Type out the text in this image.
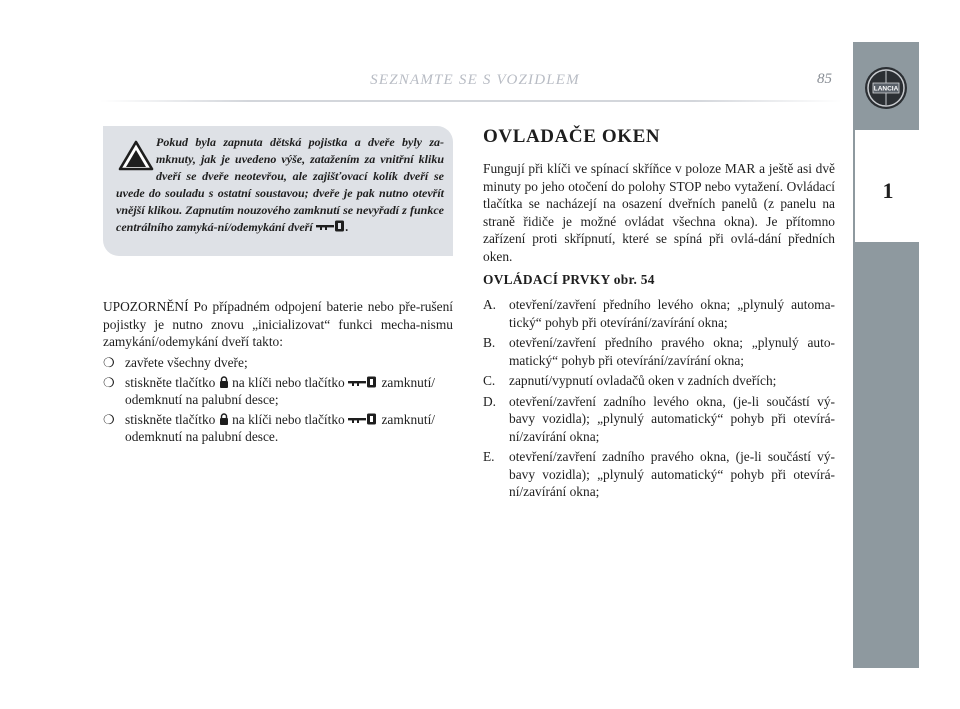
SEZNAMTE SE S VOZIDLEM	85
LANCIA
1
Pokud byla zapnuta dětská pojistka a dveře byly za-mknuty, jak je uvedeno výše, zatažením za vnitřní kliku dveří se dveře neotevřou, ale zajišťovací kolík dveří se uvede do souladu s ostatní soustavou; dveře je pak nutno otevřít vnější klikou. Zapnutím nouzového zamknutí se nevyřadí z funkce centrálního zamyká-ní/odemykání dveří	.
UPOZORNĚNÍ Po případném odpojení baterie nebo pře-rušení pojistky je nutno znovu „inicializovat“ funkci mecha-nismu zamykání/odemykání dveří takto:
❍ zavřete všechny dveře;
❍ stiskněte tlačítko  na klíči nebo tlačítko  zamknutí/ odemknutí na palubní desce;
❍ stiskněte tlačítko  na klíči nebo tlačítko  zamknutí/ odemknutí na palubní desce.
OVLADAČE OKEN
Fungují při klíči ve spínací skříňce v poloze MAR a ještě asi dvě minuty po jeho otočení do polohy STOP nebo vytažení. Ovládací tlačítka se nacházejí na osazení dveřních panelů (z panelu na straně řidiče je možné ovládat všechna okna). Je přítomno zařízení proti skřípnutí, které se spíná při ovlá-dání předních oken.
OVLÁDACÍ PRVKY obr. 54
A. otevření/zavření předního levého okna; „plynulý automa-tický“ pohyb při otevírání/zavírání okna;
B. otevření/zavření předního pravého okna; „plynulý auto-matický“ pohyb při otevírání/zavírání okna;
C. zapnutí/vypnutí ovladačů oken v zadních dveřích;
D. otevření/zavření zadního levého okna, (je-li součástí vý-bavy vozidla); „plynulý automatický“ pohyb při otevírá-ní/zavírání okna;
E. otevření/zavření zadního pravého okna, (je-li součástí vý-bavy vozidla); „plynulý automatický“ pohyb při otevírá-ní/zavírání okna;
